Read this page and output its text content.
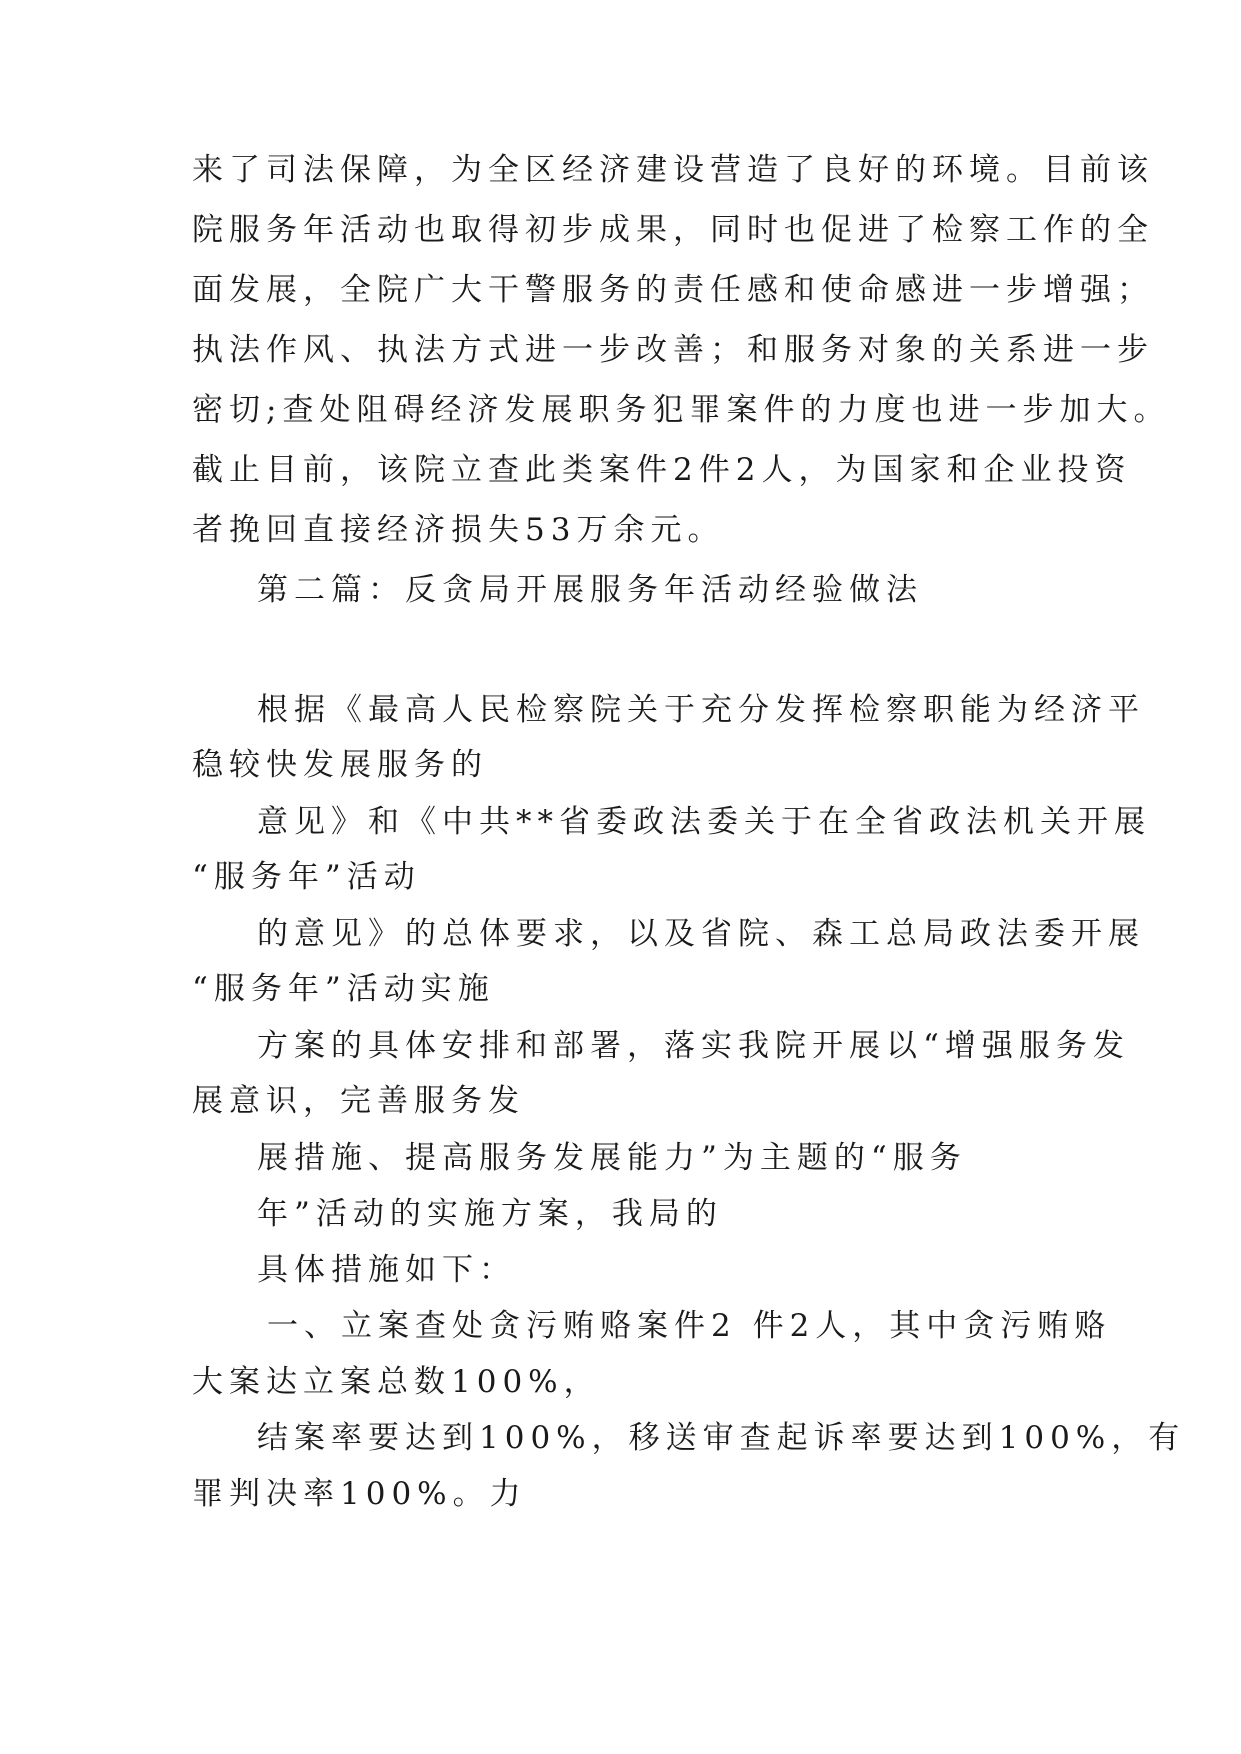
来了司法保障，为全区经济建设营造了良好的环境。目前该
院服务年活动也取得初步成果，同时也促进了检察工作的全
面发展，全院广大干警服务的责任感和使命感进一步增强；
执法作风、执法方式进一步改善；和服务对象的关系进一步
密切;查处阻碍经济发展职务犯罪案件的力度也进一步加大。
截止目前，该院立查此类案件2件2人，为国家和企业投资
者挽回直接经济损失53万余元。
第二篇：反贪局开展服务年活动经验做法
根据《最高人民检察院关于充分发挥检察职能为经济平
稳较快发展服务的
意见》和《中共**省委政法委关于在全省政法机关开展
“服务年”活动
的意见》的总体要求，以及省院、森工总局政法委开展
“服务年”活动实施
方案的具体安排和部署，落实我院开展以“增强服务发
展意识，完善服务发
展措施、提高服务发展能力”为主题的“服务
年”活动的实施方案，我局的
具体措施如下：
一、立案查处贪污贿赂案件2 件2人，其中贪污贿赂
大案达立案总数100%，
结案率要达到100%，移送审查起诉率要达到100%，有
罪判决率100%。力
